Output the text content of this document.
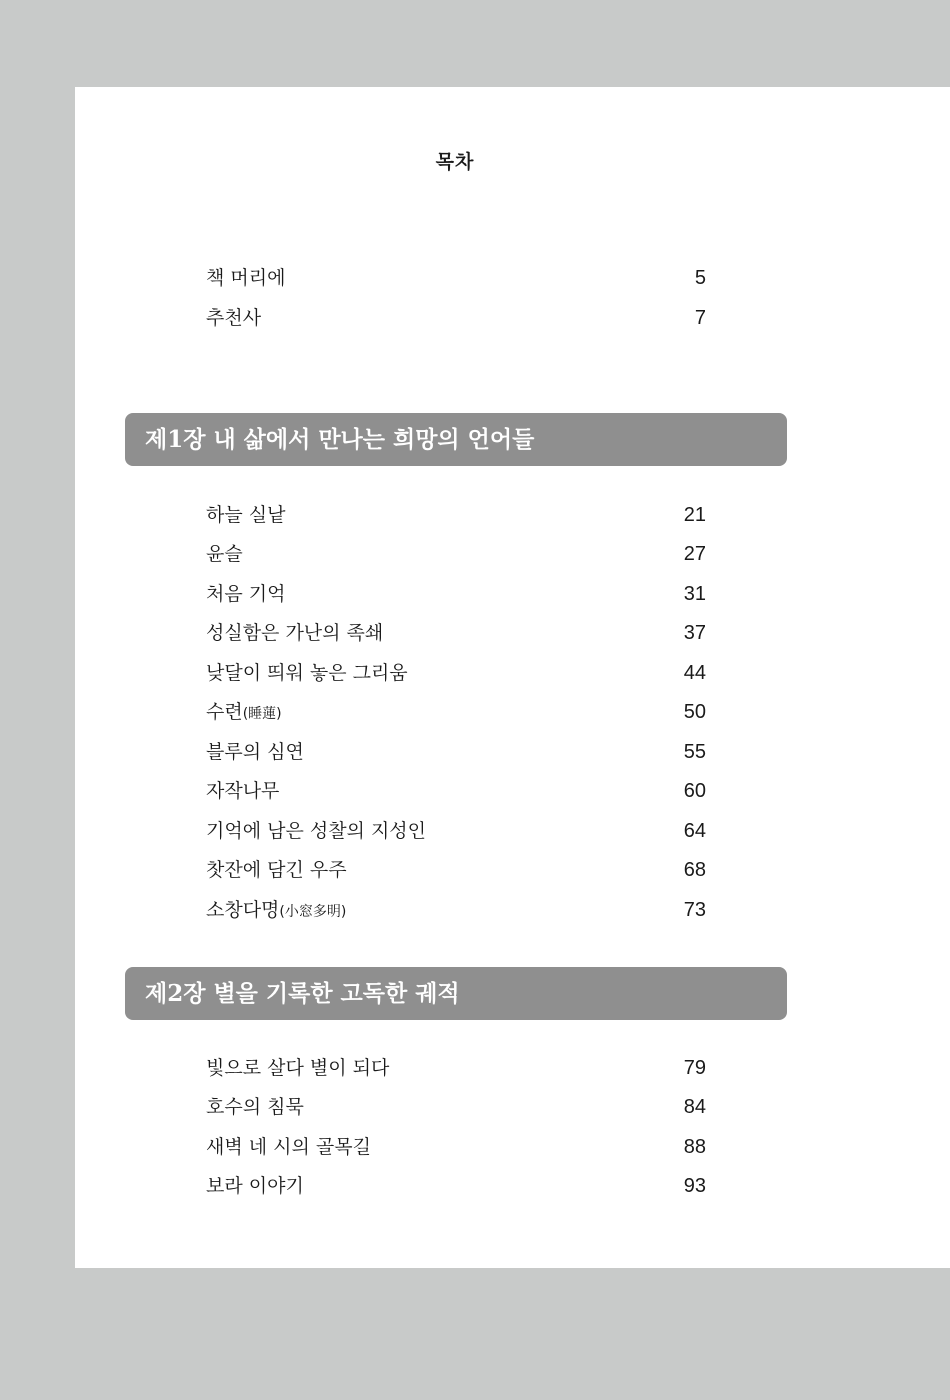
목차
책 머리에	5
추천사	7
제1장 내 삶에서 만나는 희망의 언어들
하늘 실낱	21
윤슬	27
처음 기억	31
성실함은 가난의 족쇄	37
낮달이 띄워 놓은 그리움	44
수련(睡蓮)	50
블루의 심연	55
자작나무	60
기억에 남은 성찰의 지성인	64
찻잔에 담긴 우주	68
소창다명(小窓多明)	73
제2장 별을 기록한 고독한 궤적
빛으로 살다 별이 되다	79
호수의 침묵	84
새벽 네 시의 골목길	88
보라 이야기	93
